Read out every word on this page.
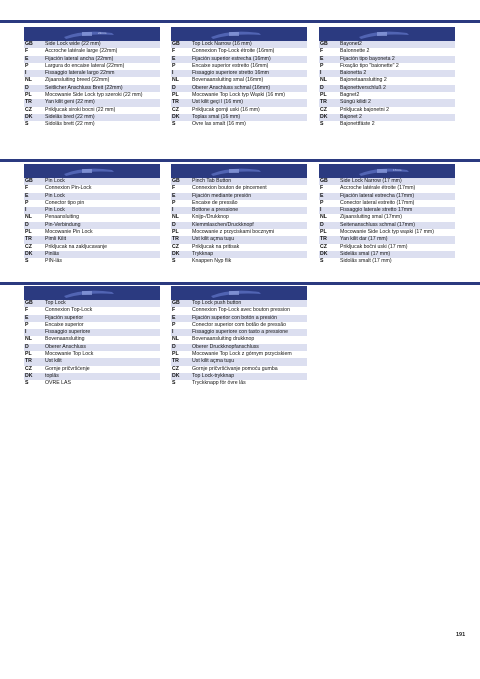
22mm
GB	Side Lock wide (22 mm)
F	Accroche latérale large (22mm)
E	Fijación lateral ancha (22mm)
P	Largura do encaixe lateral (22mm)
I	Fissaggio laterale largo 22mm
NL	Zijaansluiting breed (22mm)
D	Seitlicher Anschluss Breit (22mm)
PL	Mocowanie Side Lock typ szeroki (22 mm)
TR	Yan kilit geni (22 mm)
CZ	Prikljucak siroki bocni (22 mm)
DK	Sidelås bred (22 mm)
S	Sidolås brett (22 mm)
GB	Top Lock Narrow (16 mm)
F	Connexion Top-Lock étroite (16mm)
E	Fijación superior estrecha (16mm)
P	Encaixe superior estreito (16mm)
I	Fissaggio superiore stretto 16mm
NL	Bovenaansluiting smal (16mm)
D	Oberer Anschluss schmal (16mm)
PL	Mocowanie Top Lock typ Wąski (16 mm)
TR	Üst kilit geçi l (16 mm)
CZ	Prikljucak gornji uski (16 mm)
DK	Toplas smal (16 mm)
S	Övre las smalt (16 mm)
GB	Bayonet2
F	Baïonnette 2
E	Fijación tipo bayoneta 2
P	Fixação tipo "baionette" 2
I	Baionetta 2
NL	Bajonetaansluiting 2
D	Bajonettverschluß 2
PL	Bagnet2
TR	Süngü kilidi 2
CZ	Prikljucak bajonetni 2
DK	Bajonet 2
S	Bajonettfäste 2
GB	Pin Lock
F	Connexion Pin-Lock
E	Pin Lock
P	Conector tipo pin
I	Pin Lock
NL	Penaansluiting
D	Pin-Verbindung
PL	Mocowanie Pin Lock
TR	Pimli Kilit
CZ	Prikljucak na zakljucavanje
DK	Pinlås
S	PIN-lås
GB	Pinch Tab Button
F	Connexion bouton de pincement
E	Fijación mediante presión
P	Encaixe de pressão
I	Bottone a pressione
NL	Knijp-/Drukknop
D	Klemmlaschen/Druckknopf
PL	Mocowanie z przyciskami bocznymi
TR	Üst kilit açma tuşu
CZ	Prikljucak na pritisak
DK	Trykknap
S	Knappen Nyp flik
17mm
GB	Side Lock Narrow (17 mm)
F	Accroche latérale étroite (17mm)
E	Fijación lateral estrecha (17mm)
P	Conector lateral estreito (17mm)
I	Fissaggio laterale stretto 17mm
NL	Zijaansluiting smal (17mm)
D	Seitenanschluss schmal (17mm)
PL	Mocowanie Side Lock typ wąski (17 mm)
TR	Yan kilit dar (17 mm)
CZ	Prikljucak bočni uski (17 mm)
DK	Sidelås smal (17 mm)
S	Sidolås smalt (17 mm)
GB	Top Lock
F	Connexion Top-Lock
E	Fijación superior
P	Encaixe superior
I	Fissaggio superiore
NL	Bovenaansluiting
D	Oberer Anschluss
PL	Mocowanie Top Lock
TR	Üst kilit
CZ	Gornje pričvršćenje
DK	toplås
S	ÖVRE LÅS
GB	Top Lock push button
F	Connexion Top-Lock avec bouton pression
E	Fijación superior con botón a presión
P	Conector superior com botão de pressão
I	Fissaggio superiore con tasto a pressione
NL	Bovenaansluiting drukknop
D	Oberer Druckknopfanschluss
PL	Mocowanie Top Lock z górnym przyciskiem
TR	Üst kilit açma tuşu
CZ	Gornje pričvršćivanje pomoću gumba
DK	Top Lock-trykknap
S	Tryckknapp för övre lås
191
